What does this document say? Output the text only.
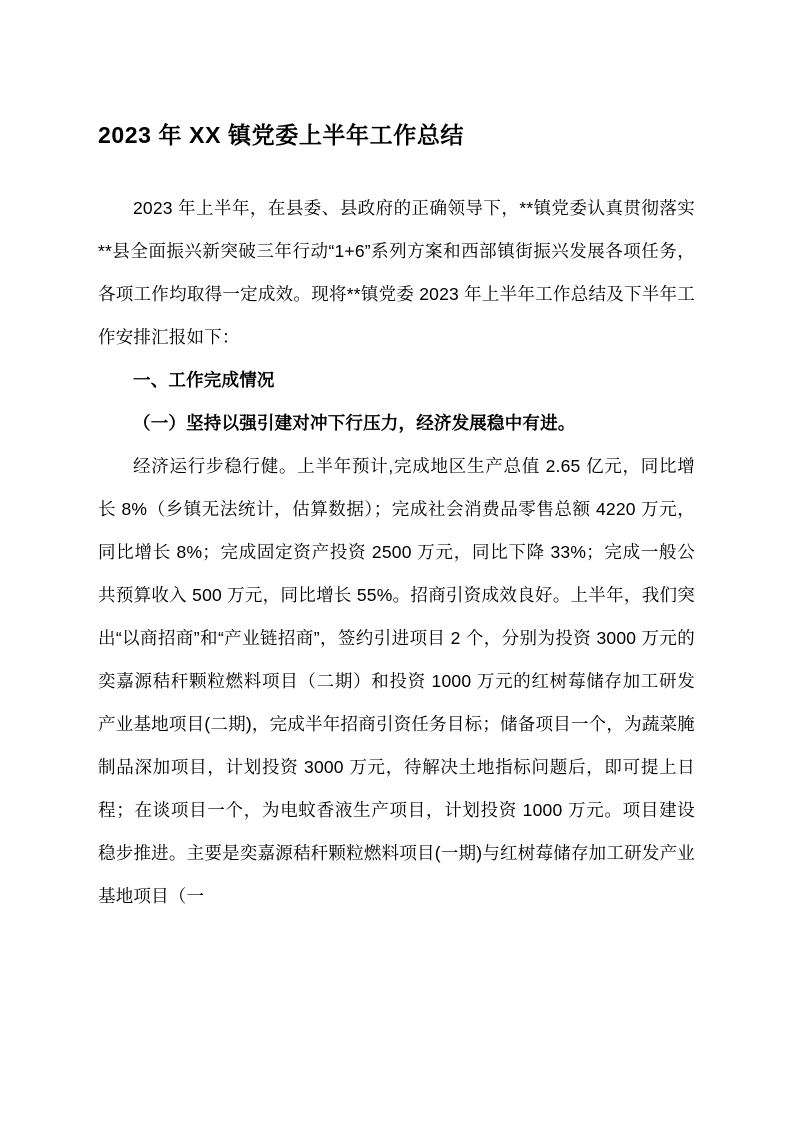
2023 年 XX 镇党委上半年工作总结

2023 年上半年，在县委、县政府的正确领导下，**镇党委认真贯彻落实**县全面振兴新突破三年行动“1+6”系列方案和西部镇街振兴发展各项任务，各项工作均取得一定成效。现将**镇党委 2023 年上半年工作总结及下半年工作安排汇报如下：

一、工作完成情况

（一）坚持以强引建对冲下行压力，经济发展稳中有进。

经济运行步稳行健。上半年预计,完成地区生产总值 2.65 亿元，同比增长 8%（乡镇无法统计，估算数据）；完成社会消费品零售总额 4220 万元，同比增长 8%；完成固定资产投资 2500 万元，同比下降 33%；完成一般公共预算收入 500 万元，同比增长 55%。招商引资成效良好。上半年，我们突出“以商招商”和“产业链招商”，签约引进项目 2 个，分别为投资 3000 万元的奕嘉源秸秆颗粒燃料项目（二期）和投资 1000 万元的红树莓储存加工研发产业基地项目(二期)，完成半年招商引资任务目标；储备项目一个，为蔬菜腌制品深加项目，计划投资 3000 万元，待解决土地指标问题后，即可提上日程；在谈项目一个，为电蚊香液生产项目，计划投资 1000 万元。项目建设稳步推进。主要是奕嘉源秸秆颗粒燃料项目(一期)与红树莓储存加工研发产业基地项目（一
